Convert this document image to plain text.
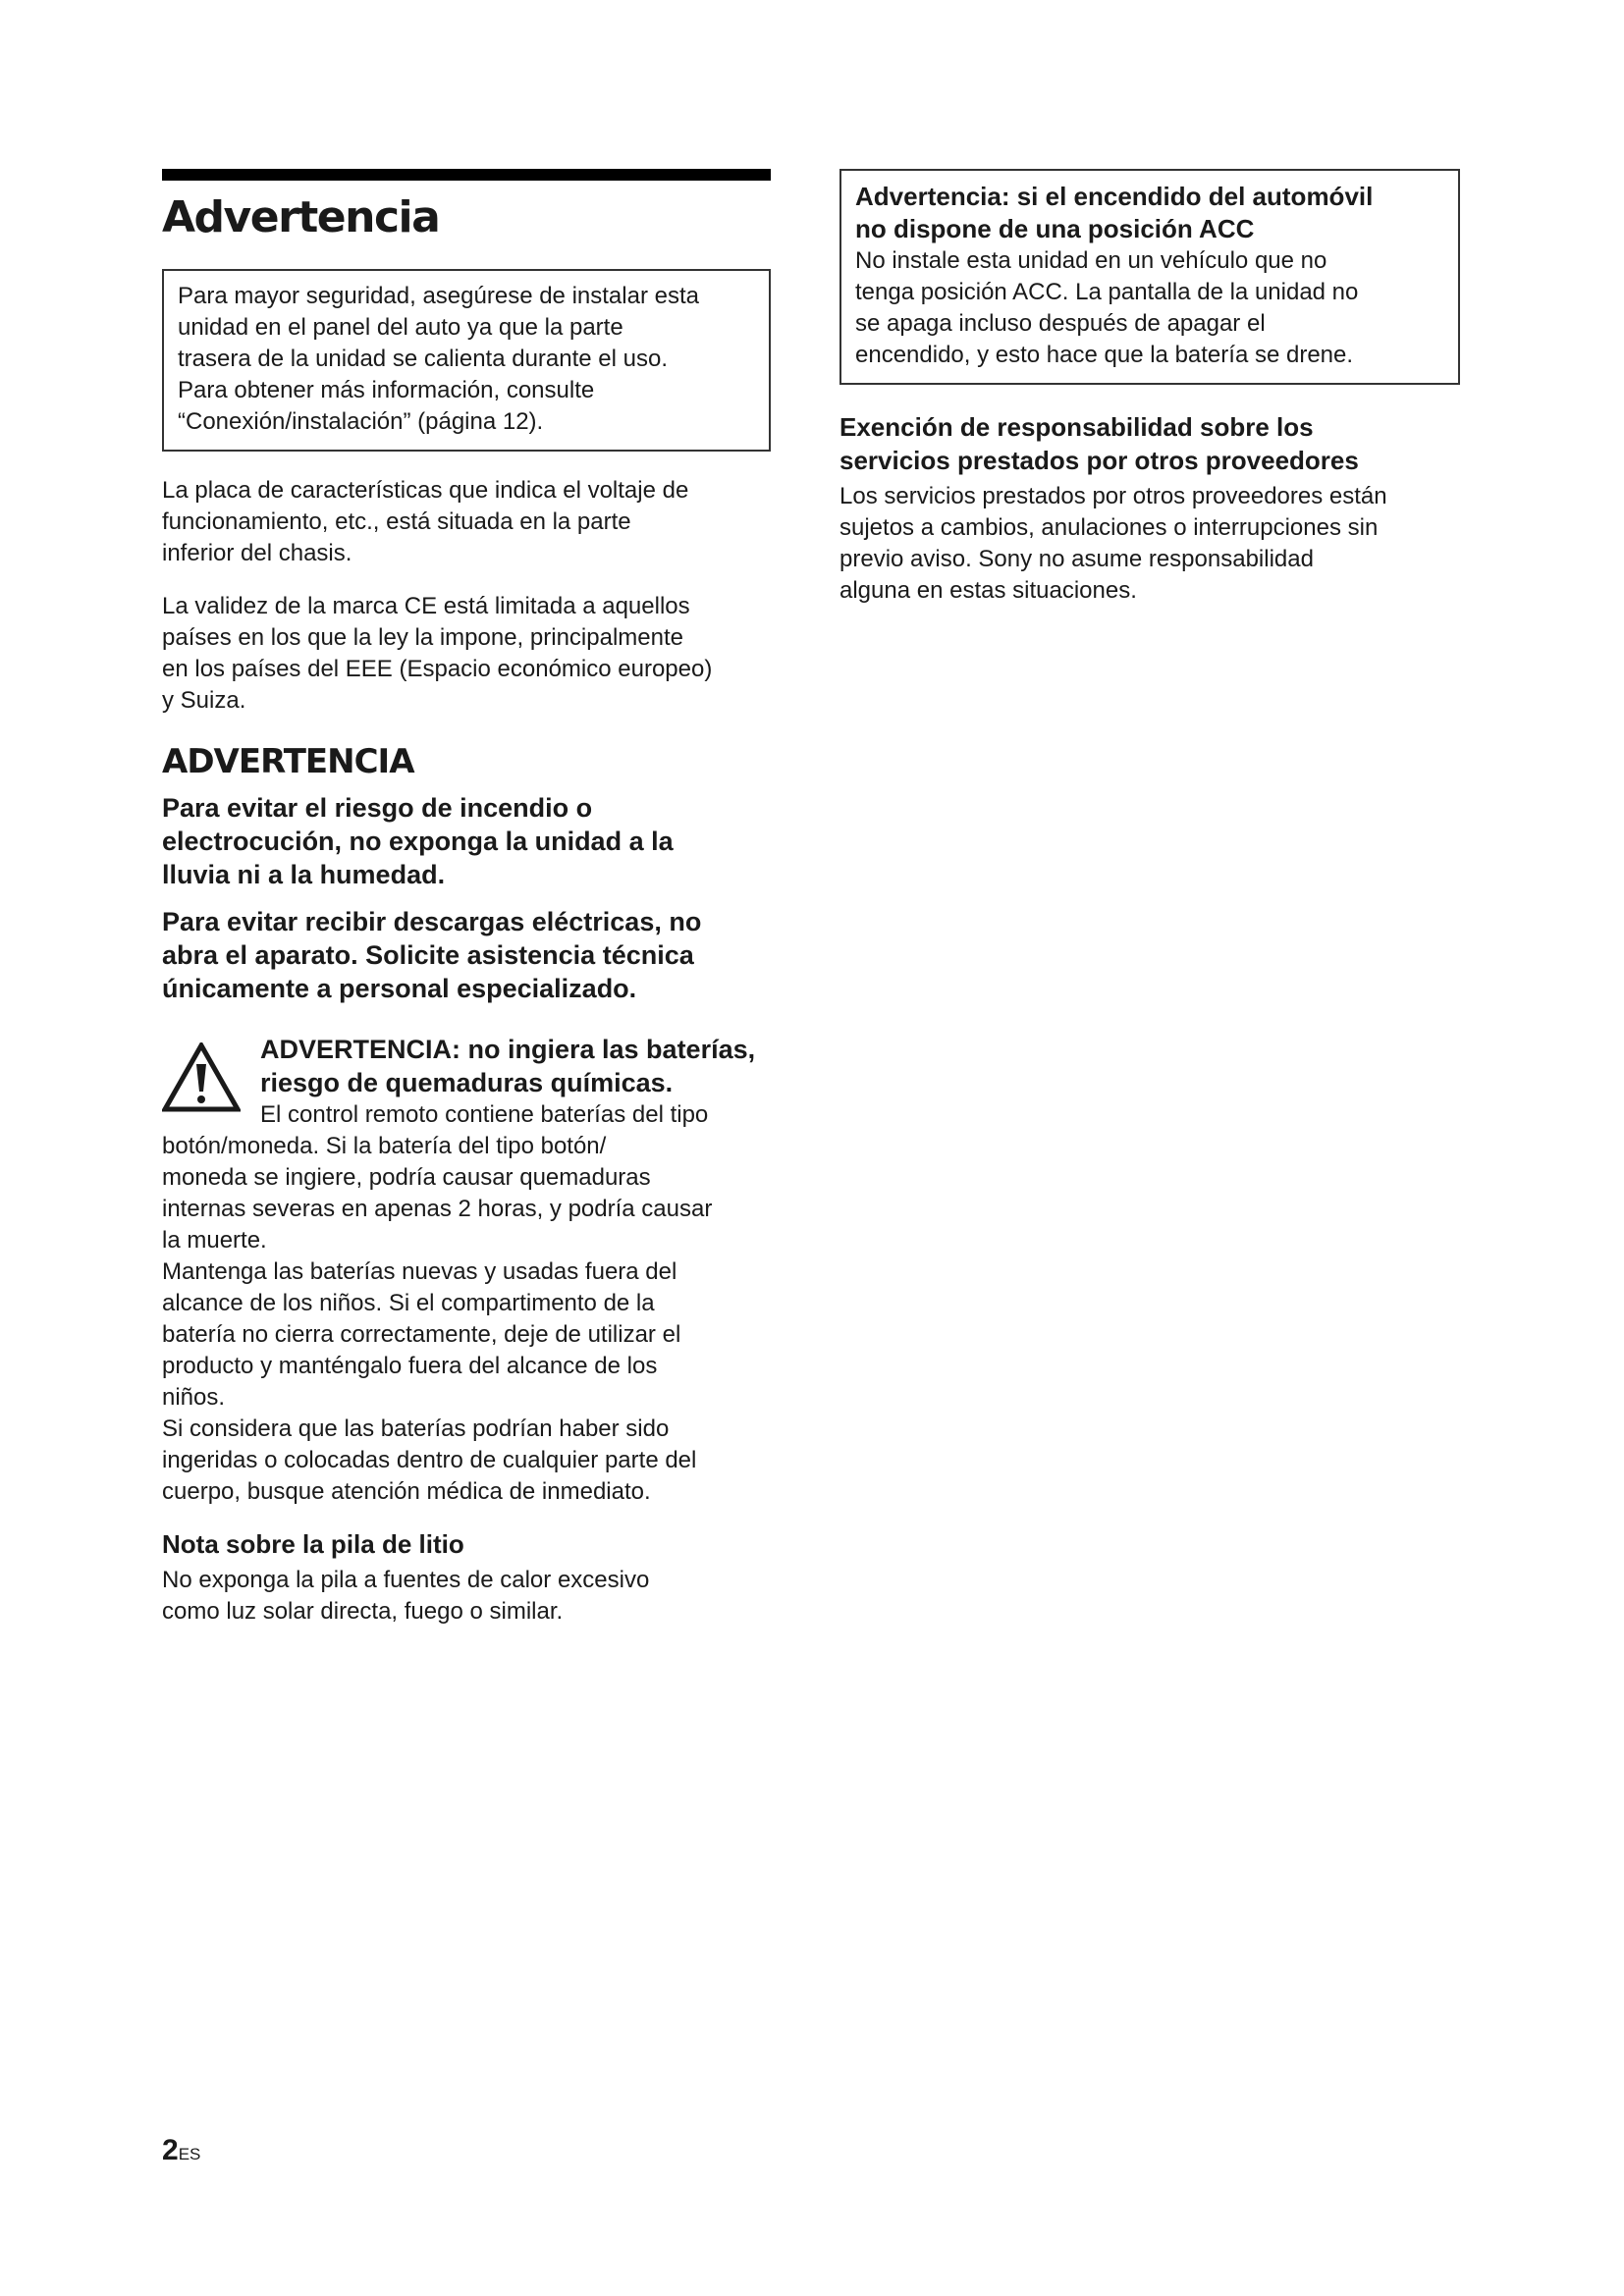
Advertencia

Para mayor seguridad, asegúrese de instalar esta

unidad en el panel del auto ya que la parte

trasera de la unidad se calienta durante el uso.

Para obtener más información, consulte

“Conexión/instalación” (página 12).

La placa de características que indica el voltaje de

funcionamiento, etc., está situada en la parte

inferior del chasis.

La validez de la marca CE está limitada a aquellos

países en los que la ley la impone, principalmente

en los países del EEE (Espacio económico europeo)

y Suiza.

ADVERTENCIA
Para evitar el riesgo de incendio o
electrocución, no exponga la unidad a la
lluvia ni a la humedad.
Para evitar recibir descargas eléctricas, no
abra el aparato. Solicite asistencia técnica
únicamente a personal especializado.
ADVERTENCIA: no ingiera las baterías,
riesgo de quemaduras químicas.

El control remoto contiene baterías del tipo

botón/moneda. Si la batería del tipo botón/

moneda se ingiere, podría causar quemaduras

internas severas en apenas 2 horas, y podría causar

la muerte.

Mantenga las baterías nuevas y usadas fuera del

alcance de los niños. Si el compartimento de la

batería no cierra correctamente, deje de utilizar el

producto y manténgalo fuera del alcance de los

niños.

Si considera que las baterías podrían haber sido

ingeridas o colocadas dentro de cualquier parte del

cuerpo, busque atención médica de inmediato.

Nota sobre la pila de litio

No exponga la pila a fuentes de calor excesivo

como luz solar directa, fuego o similar.

Advertencia: si el encendido del automóvil
no dispone de una posición ACC

No instale esta unidad en un vehículo que no

tenga posición ACC. La pantalla de la unidad no

se apaga incluso después de apagar el

encendido, y esto hace que la batería se drene.

Exención de responsabilidad sobre los
servicios prestados por otros proveedores

Los servicios prestados por otros proveedores están

sujetos a cambios, anulaciones o interrupciones sin

previo aviso. Sony no asume responsabilidad

alguna en estas situaciones.

2ES
